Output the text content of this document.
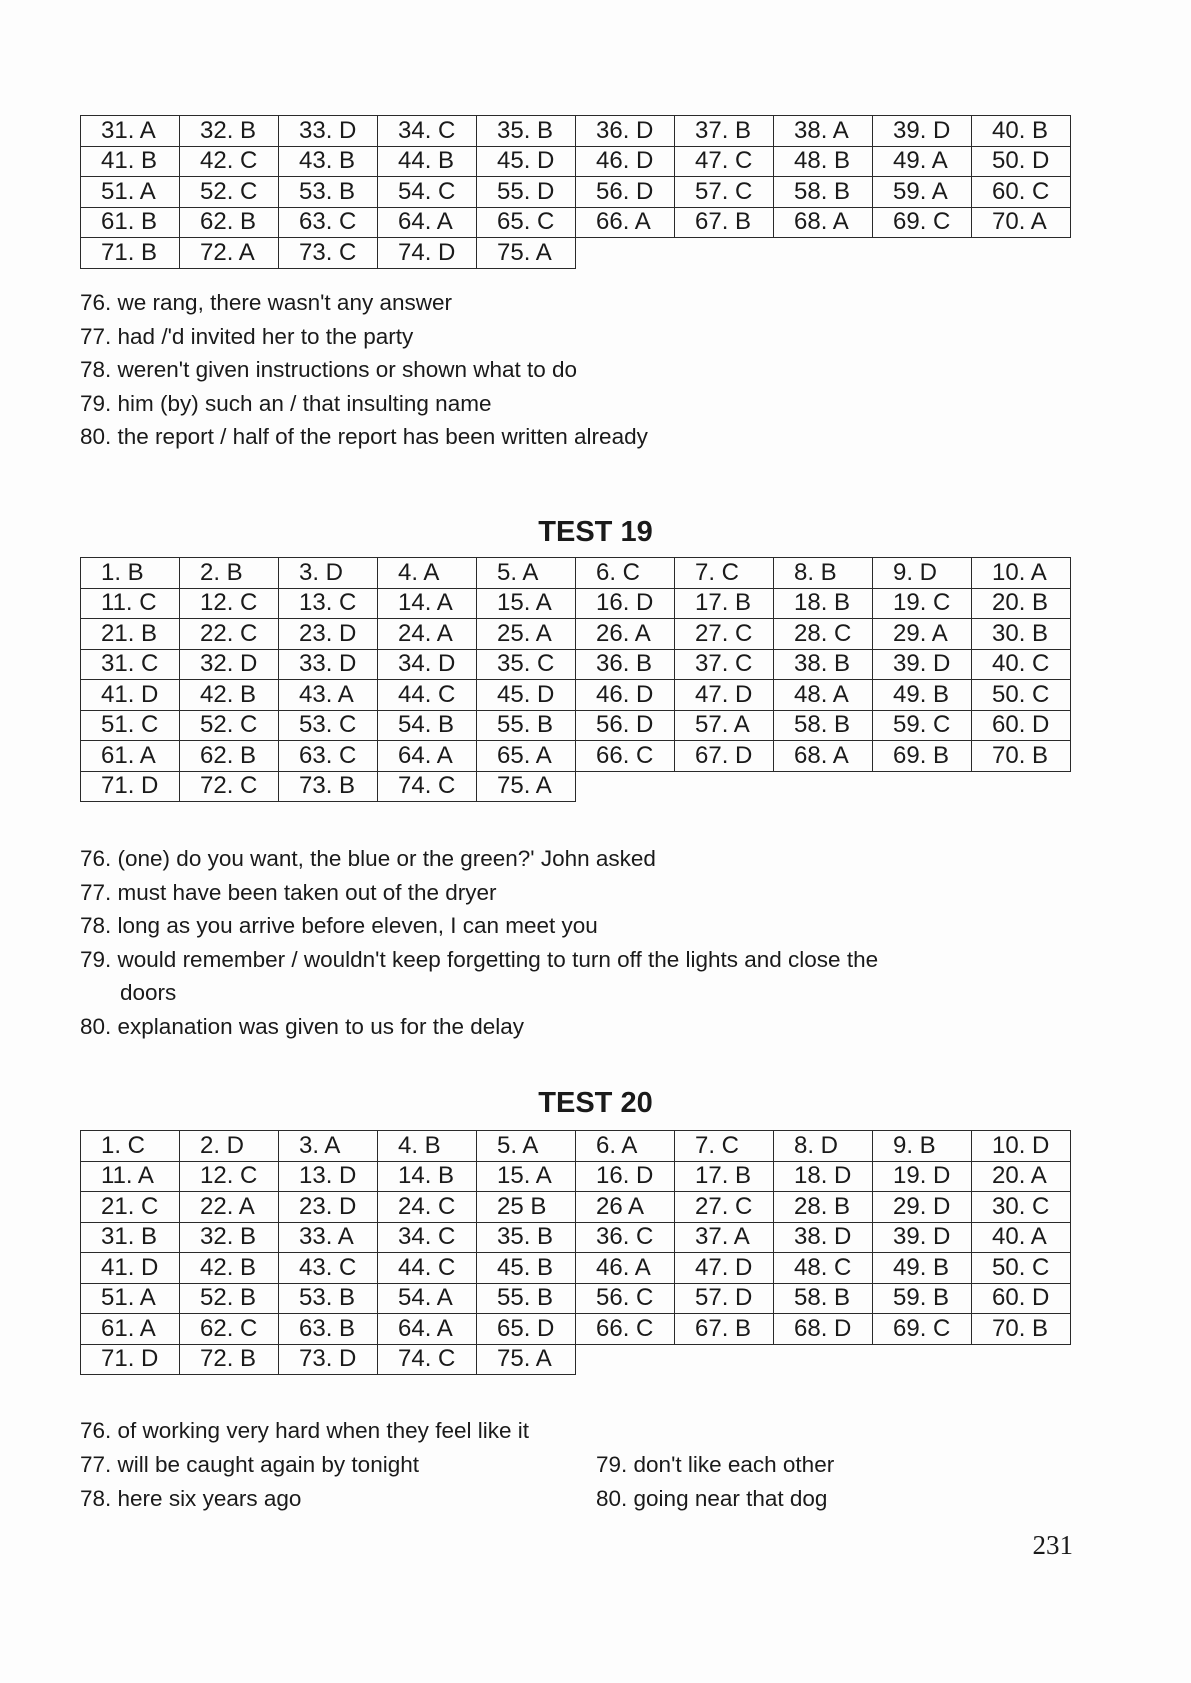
31. A	32. B	33. D	34. C	35. B	36. D	37. B	38. A	39. D	40. B
41. B	42. C	43. B	44. B	45. D	46. D	47. C	48. B	49. A	50. D
51. A	52. C	53. B	54. C	55. D	56. D	57. C	58. B	59. A	60. C
61. B	62. B	63. C	64. A	65. C	66. A	67. B	68. A	69. C	70. A
71. B	72. A	73. C	74. D	75. A					
76. we rang, there wasn't any answer
77. had /'d invited her to the party
78. weren't given instructions or shown what to do
79. him (by) such an / that insulting name
80. the report / half of the report has been written already
TEST 19
1. B	2. B	3. D	4. A	5. A	6. C	7. C	8. B	9. D	10. A
11. C	12. C	13. C	14. A	15. A	16. D	17. B	18. B	19. C	20. B
21. B	22. C	23. D	24. A	25. A	26. A	27. C	28. C	29. A	30. B
31. C	32. D	33. D	34. D	35. C	36. B	37. C	38. B	39. D	40. C
41. D	42. B	43. A	44. C	45. D	46. D	47. D	48. A	49. B	50. C
51. C	52. C	53. C	54. B	55. B	56. D	57. A	58. B	59. C	60. D
61. A	62. B	63. C	64. A	65. A	66. C	67. D	68. A	69. B	70. B
71. D	72. C	73. B	74. C	75. A					
76. (one) do you want, the blue or the green?' John asked
77. must have been taken out of the dryer
78. long as you arrive before eleven, I can meet you
79. would remember / wouldn't keep forgetting to turn off the lights and close the
doors
80. explanation was given to us for the delay
TEST 20
1. C	2. D	3. A	4. B	5. A	6. A	7. C	8. D	9. B	10. D
11. A	12. C	13. D	14. B	15. A	16. D	17. B	18. D	19. D	20. A
21. C	22. A	23. D	24. C	25 B	26 A	27. C	28. B	29. D	30. C
31. B	32. B	33. A	34. C	35. B	36. C	37. A	38. D	39. D	40. A
41. D	42. B	43. C	44. C	45. B	46. A	47. D	48. C	49. B	50. C
51. A	52. B	53. B	54. A	55. B	56. C	57. D	58. B	59. B	60. D
61. A	62. C	63. B	64. A	65. D	66. C	67. B	68. D	69. C	70. B
71. D	72. B	73. D	74. C	75. A					
76. of working very hard when they feel like it
77. will be caught again by tonight
78. here six years ago
79. don't like each other
80. going near that dog
231
